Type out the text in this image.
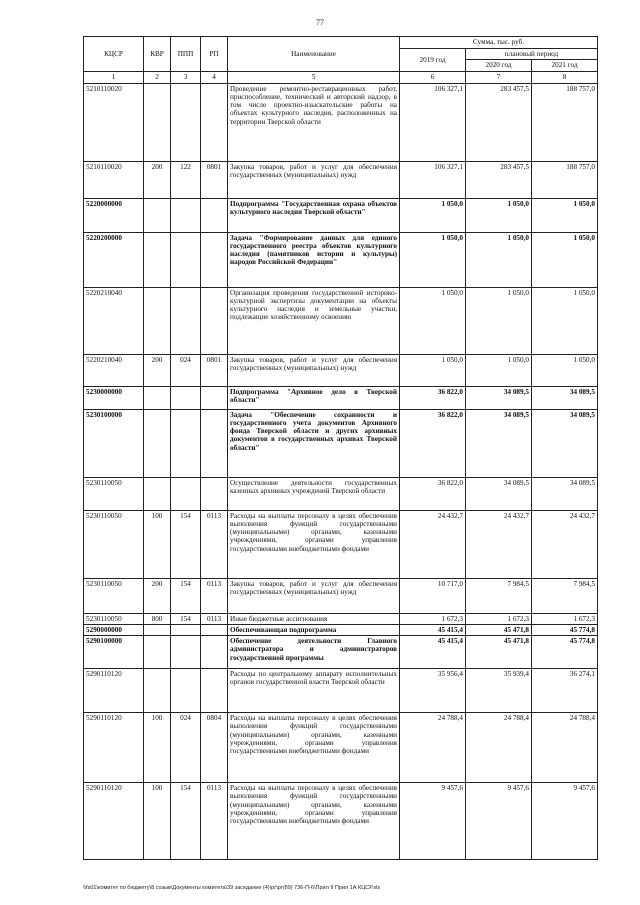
77
КЦСР	КВР	ППП	РП	Наименование	Сумма, тыс. руб.		
					2019 год	плановый период	
						2020 год	2021 год
1	2	3	4	5	6	7	8
5210110020				Проведение ремонтно-реставрационных работ, приспособление, технический и авторский надзор, в том числе проектно-изыскательские работы на объектах культурного наследия, расположенных на территории Тверской области	106 327,1	283 457,5	188 757,0
5210110020	200	122	0801	Закупка товаров, работ и услуг для обеспечения государственных (муниципальных) нужд	106 327,1	283 457,5	188 757,0
5220000000				Подпрограмма "Государственная охрана объектов культурного наследия Тверской области"	1 050,0	1 050,0	1 050,0
5220200000				Задача "Формирование данных для единого государственного реестра объектов культурного наследия (памятников истории и культуры) народов Российской Федерации"	1 050,0	1 050,0	1 050,0
5220210040				Организация проведения государственной историко-культурной экспертизы документации на объекты культурного наследия и земельные участки, подлежащие хозяйственному освоению	1 050,0	1 050,0	1 050,0
5220210040	200	024	0801	Закупка товаров, работ и услуг для обеспечения государственных (муниципальных) нужд	1 050,0	1 050,0	1 050,0
5230000000				Подпрограмма "Архивное дело в Тверской области"	36 822,0	34 089,5	34 089,5
5230100000				Задача "Обеспечение сохранности и государственного учета документов Архивного фонда Тверской области и других архивных документов в государственных архивах Тверской области"	36 822,0	34 089,5	34 089,5
5230110050				Осуществление деятельности государственных казенных архивных учреждений Тверской области	36 822,0	34 089,5	34 089,5
5230110050	100	154	0113	Расходы на выплаты персоналу в целях обеспечения выполнения функций государственными (муниципальными) органами, казенными учреждениями, органами управления государственными внебюджетными фондами	24 432,7	24 432,7	24 432,7
5230110050	200	154	0113	Закупка товаров, работ и услуг для обеспечения государственных (муниципальных) нужд	10 717,0	7 984,5	7 984,5
5230110050	800	154	0113	Иные бюджетные ассигнования	1 672,3	1 672,3	1 672,3
5290000000				Обеспечивающая подпрограмма	45 415,4	45 471,8	45 774,8
5290100000				Обеспечение деятельности Главного администратора и администраторов государственной программы	45 415,4	45 471,8	45 774,8
5290110120				Расходы по центральному аппарату исполнительных органов государственной власти Тверской области	35 956,4	35 939,4	36 274,1
5290110120	100	024	0804	Расходы на выплаты персоналу в целях обеспечения выполнения функций государственными (муниципальными) органами, казенными учреждениями, органами управления государственными внебюджетными фондами	24 788,4	24 788,4	24 788,4
5290110120	100	154	0113	Расходы на выплаты персоналу в целях обеспечения выполнения функций государственными (муниципальными) органами, казенными учреждениями, органами управления государственными внебюджетными фондами	9 457,6	9 457,6	9 457,6
\\fs01\комитет по бюджету\8 созыв\Документы комитета\39 заседание (4)\рг\рг(89) 736-П-6\Прил 9 Прил 1А КЦСР.xls
